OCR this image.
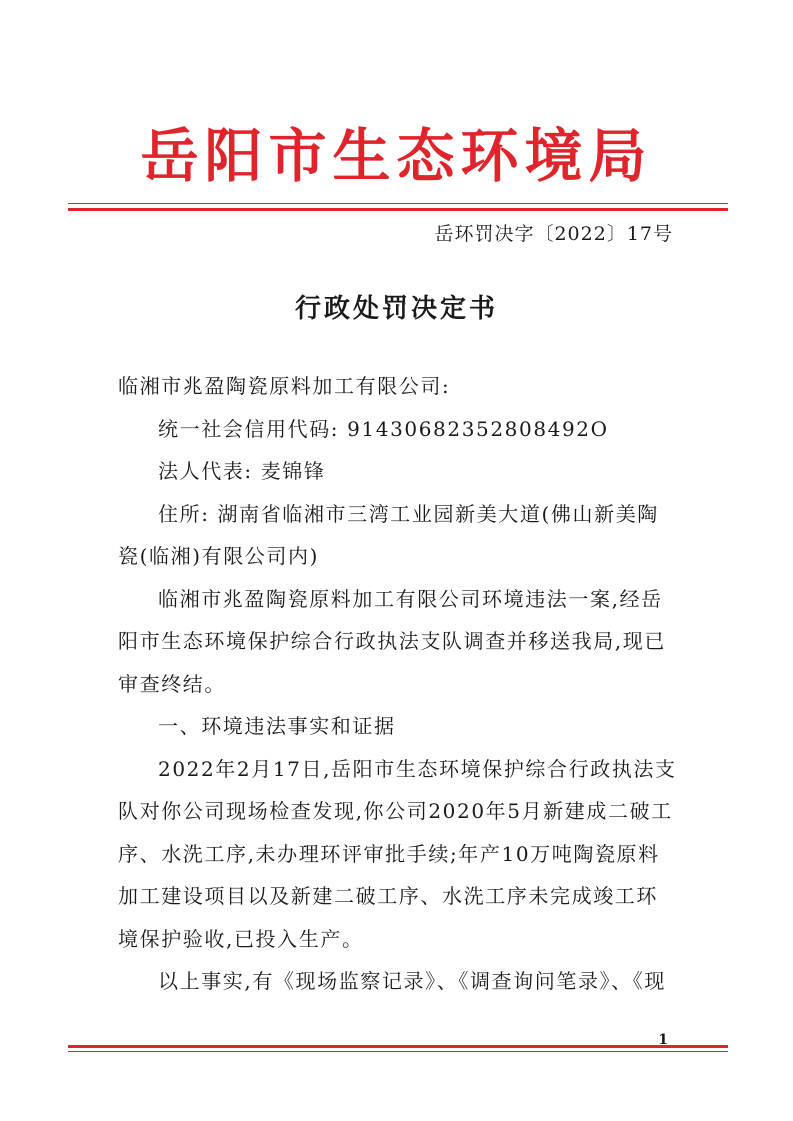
岳阳市生态环境局
岳环罚决字〔2022〕17号
行政处罚决定书

临湘市兆盈陶瓷原料加工有限公司:

统一社会信用代码: 91430682352808492O

法人代表: 麦锦锋

住所: 湖南省临湘市三湾工业园新美大道(佛山新美陶瓷(临湘)有限公司内)

临湘市兆盈陶瓷原料加工有限公司环境违法一案,经岳阳市生态环境保护综合行政执法支队调查并移送我局,现已审查终结。

一、环境违法事实和证据

2022年2月17日,岳阳市生态环境保护综合行政执法支队对你公司现场检查发现,你公司2020年5月新建成二破工序、水洗工序,未办理环评审批手续;年产10万吨陶瓷原料加工建设项目以及新建二破工序、水洗工序未完成竣工环境保护验收,已投入生产。

以上事实,有《现场监察记录》、《调查询问笔录》、《现

1
